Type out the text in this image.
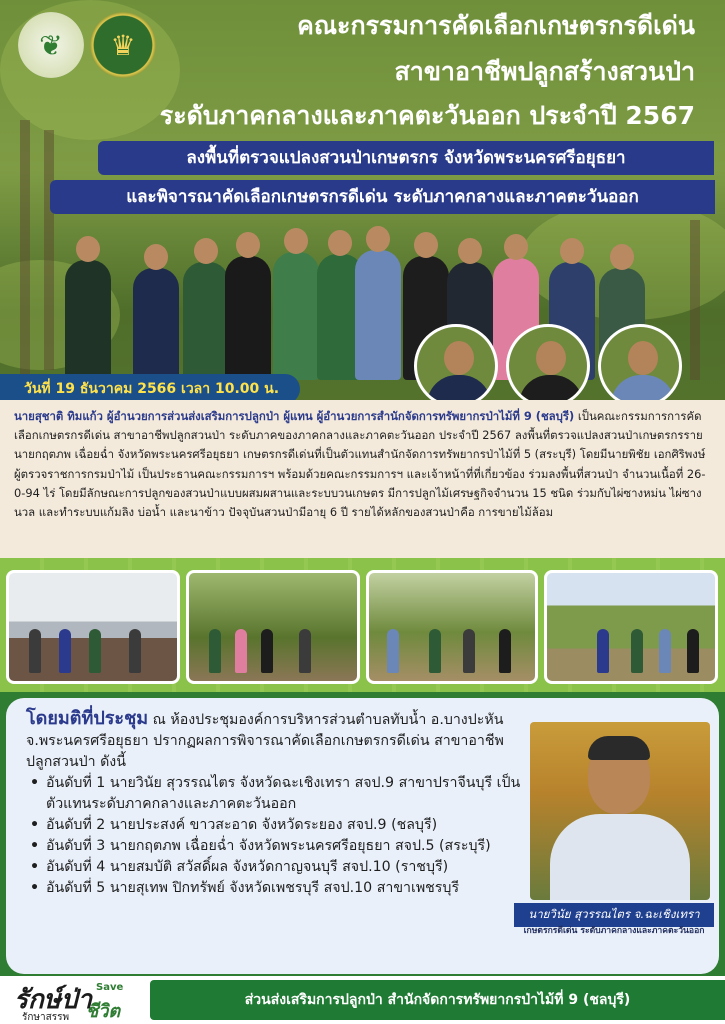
❦	♛
คณะกรรมการคัดเลือกเกษตรกรดีเด่น
สาขาอาชีพปลูกสร้างสวนป่า
ระดับภาคกลางและภาคตะวันออก ประจำปี 2567
ลงพื้นที่ตรวจแปลงสวนป่าเกษตรกร จังหวัดพระนครศรีอยุธยา
และพิจารณาคัดเลือกเกษตรกรดีเด่น ระดับภาคกลางและภาคตะวันออก
วันที่ 19 ธันวาคม 2566 เวลา 10.00 น.
นายสุชาติ ทิมแก้ว ผู้อำนวยการส่วนส่งเสริมการปลูกป่า ผู้แทน ผู้อำนวยการสำนักจัดการทรัพยากรป่าไม้ที่ 9 (ชลบุรี) เป็นคณะกรรมการการคัดเลือกเกษตรกรดีเด่น สาขาอาชีพปลูกสวนป่า ระดับภาคของภาคกลางและภาคตะวันออก ประจำปี 2567 ลงพื้นที่ตรวจแปลงสวนป่าเกษตรกรราย นายกฤตภพ เฉื่อยฉ่ำ จังหวัดพระนครศรีอยุธยา เกษตรกรดีเด่นที่เป็นตัวแทนสำนักจัดการทรัพยากรป่าไม้ที่ 5 (สระบุรี) โดยมีนายพิชัย เอกศิริพงษ์ ผู้ตรวจราชการกรมป่าไม้ เป็นประธานคณะกรรมการฯ พร้อมด้วยคณะกรรมการฯ และเจ้าหน้าที่ที่เกี่ยวข้อง ร่วมลงพื้นที่สวนป่า จำนวนเนื้อที่ 26-0-94 ไร่ โดยมีลักษณะการปลูกของสวนป่าแบบผสมผสานและระบบวนเกษตร มีการปลูกไม้เศรษฐกิจจำนวน 15 ชนิด ร่วมกับไผ่ซางหม่น ไผ่ซางนวล และทำระบบแก้มลิง บ่อน้ำ และนาข้าว ปัจจุบันสวนป่ามีอายุ 6 ปี รายได้หลักของสวนป่าคือ การขายไม้ล้อม

โดยมติที่ประชุม ณ ห้องประชุมองค์การบริหารส่วนตำบลทับน้ำ อ.บางปะหัน จ.พระนครศรีอยุธยา ปรากฏผลการพิจารณาคัดเลือกเกษตรกรดีเด่น สาขาอาชีพปลูกสวนป่า ดังนี้

• อันดับที่ 1 นายวินัย สุวรรณไตร จังหวัดฉะเชิงเทรา สจป.9 สาขาปราจีนบุรี เป็นตัวแทนระดับภาคกลางและภาคตะวันออก
• อันดับที่ 2 นายประสงค์ ขาวสะอาด จังหวัดระยอง สจป.9 (ชลบุรี)
• อันดับที่ 3 นายกฤตภพ เฉื่อยฉ่ำ จังหวัดพระนครศรีอยุธยา สจป.5 (สระบุรี)
• อันดับที่ 4 นายสมบัติ สวัสดิ์ผล จังหวัดกาญจนบุรี สจป.10 (ราชบุรี)
• อันดับที่ 5 นายสุเทพ ปิกทรัพย์ จังหวัดเพชรบุรี สจป.10 สาขาเพชรบุรี
นายวินัย สุวรรณไตร จ.ฉะเชิงเทรา
เกษตรกรดีเด่น ระดับภาคกลางและภาคตะวันออก
รักษ์ป่า
รักษาสรรพ
Save
ชีวิต
ส่วนส่งเสริมการปลูกป่า สำนักจัดการทรัพยากรป่าไม้ที่ 9 (ชลบุรี)
